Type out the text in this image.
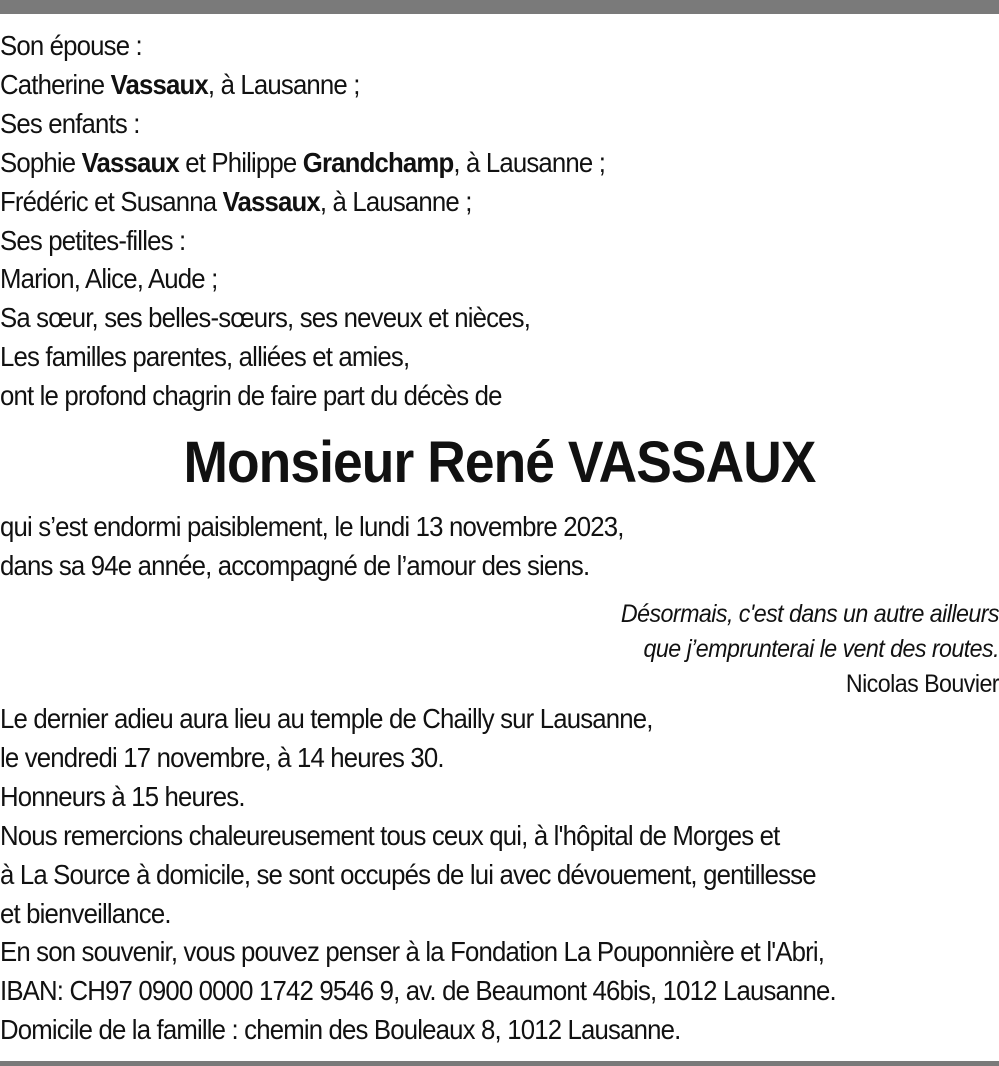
Son épouse :
Catherine Vassaux, à Lausanne ;
Ses enfants :
Sophie Vassaux et Philippe Grandchamp, à Lausanne ;
Frédéric et Susanna Vassaux, à Lausanne ;
Ses petites-filles :
Marion, Alice, Aude ;
Sa sœur, ses belles-sœurs, ses neveux et nièces,
Les familles parentes, alliées et amies,
ont le profond chagrin de faire part du décès de
Monsieur René VASSAUX
qui s’est endormi paisiblement, le lundi 13 novembre 2023,
dans sa 94e année, accompagné de l’amour des siens.
Désormais, c'est dans un autre ailleurs
que j’emprunterai le vent des routes.
Nicolas Bouvier
Le dernier adieu aura lieu au temple de Chailly sur Lausanne,
le vendredi 17 novembre, à 14 heures 30.
Honneurs à 15 heures.
Nous remercions chaleureusement tous ceux qui, à l'hôpital de Morges et
à La Source à domicile, se sont occupés de lui avec dévouement, gentillesse
et bienveillance.
En son souvenir, vous pouvez penser à la Fondation La Pouponnière et l'Abri,
IBAN: CH97 0900 0000 1742 9546 9, av. de Beaumont 46bis, 1012 Lausanne.
Domicile de la famille : chemin des Bouleaux 8, 1012 Lausanne.
